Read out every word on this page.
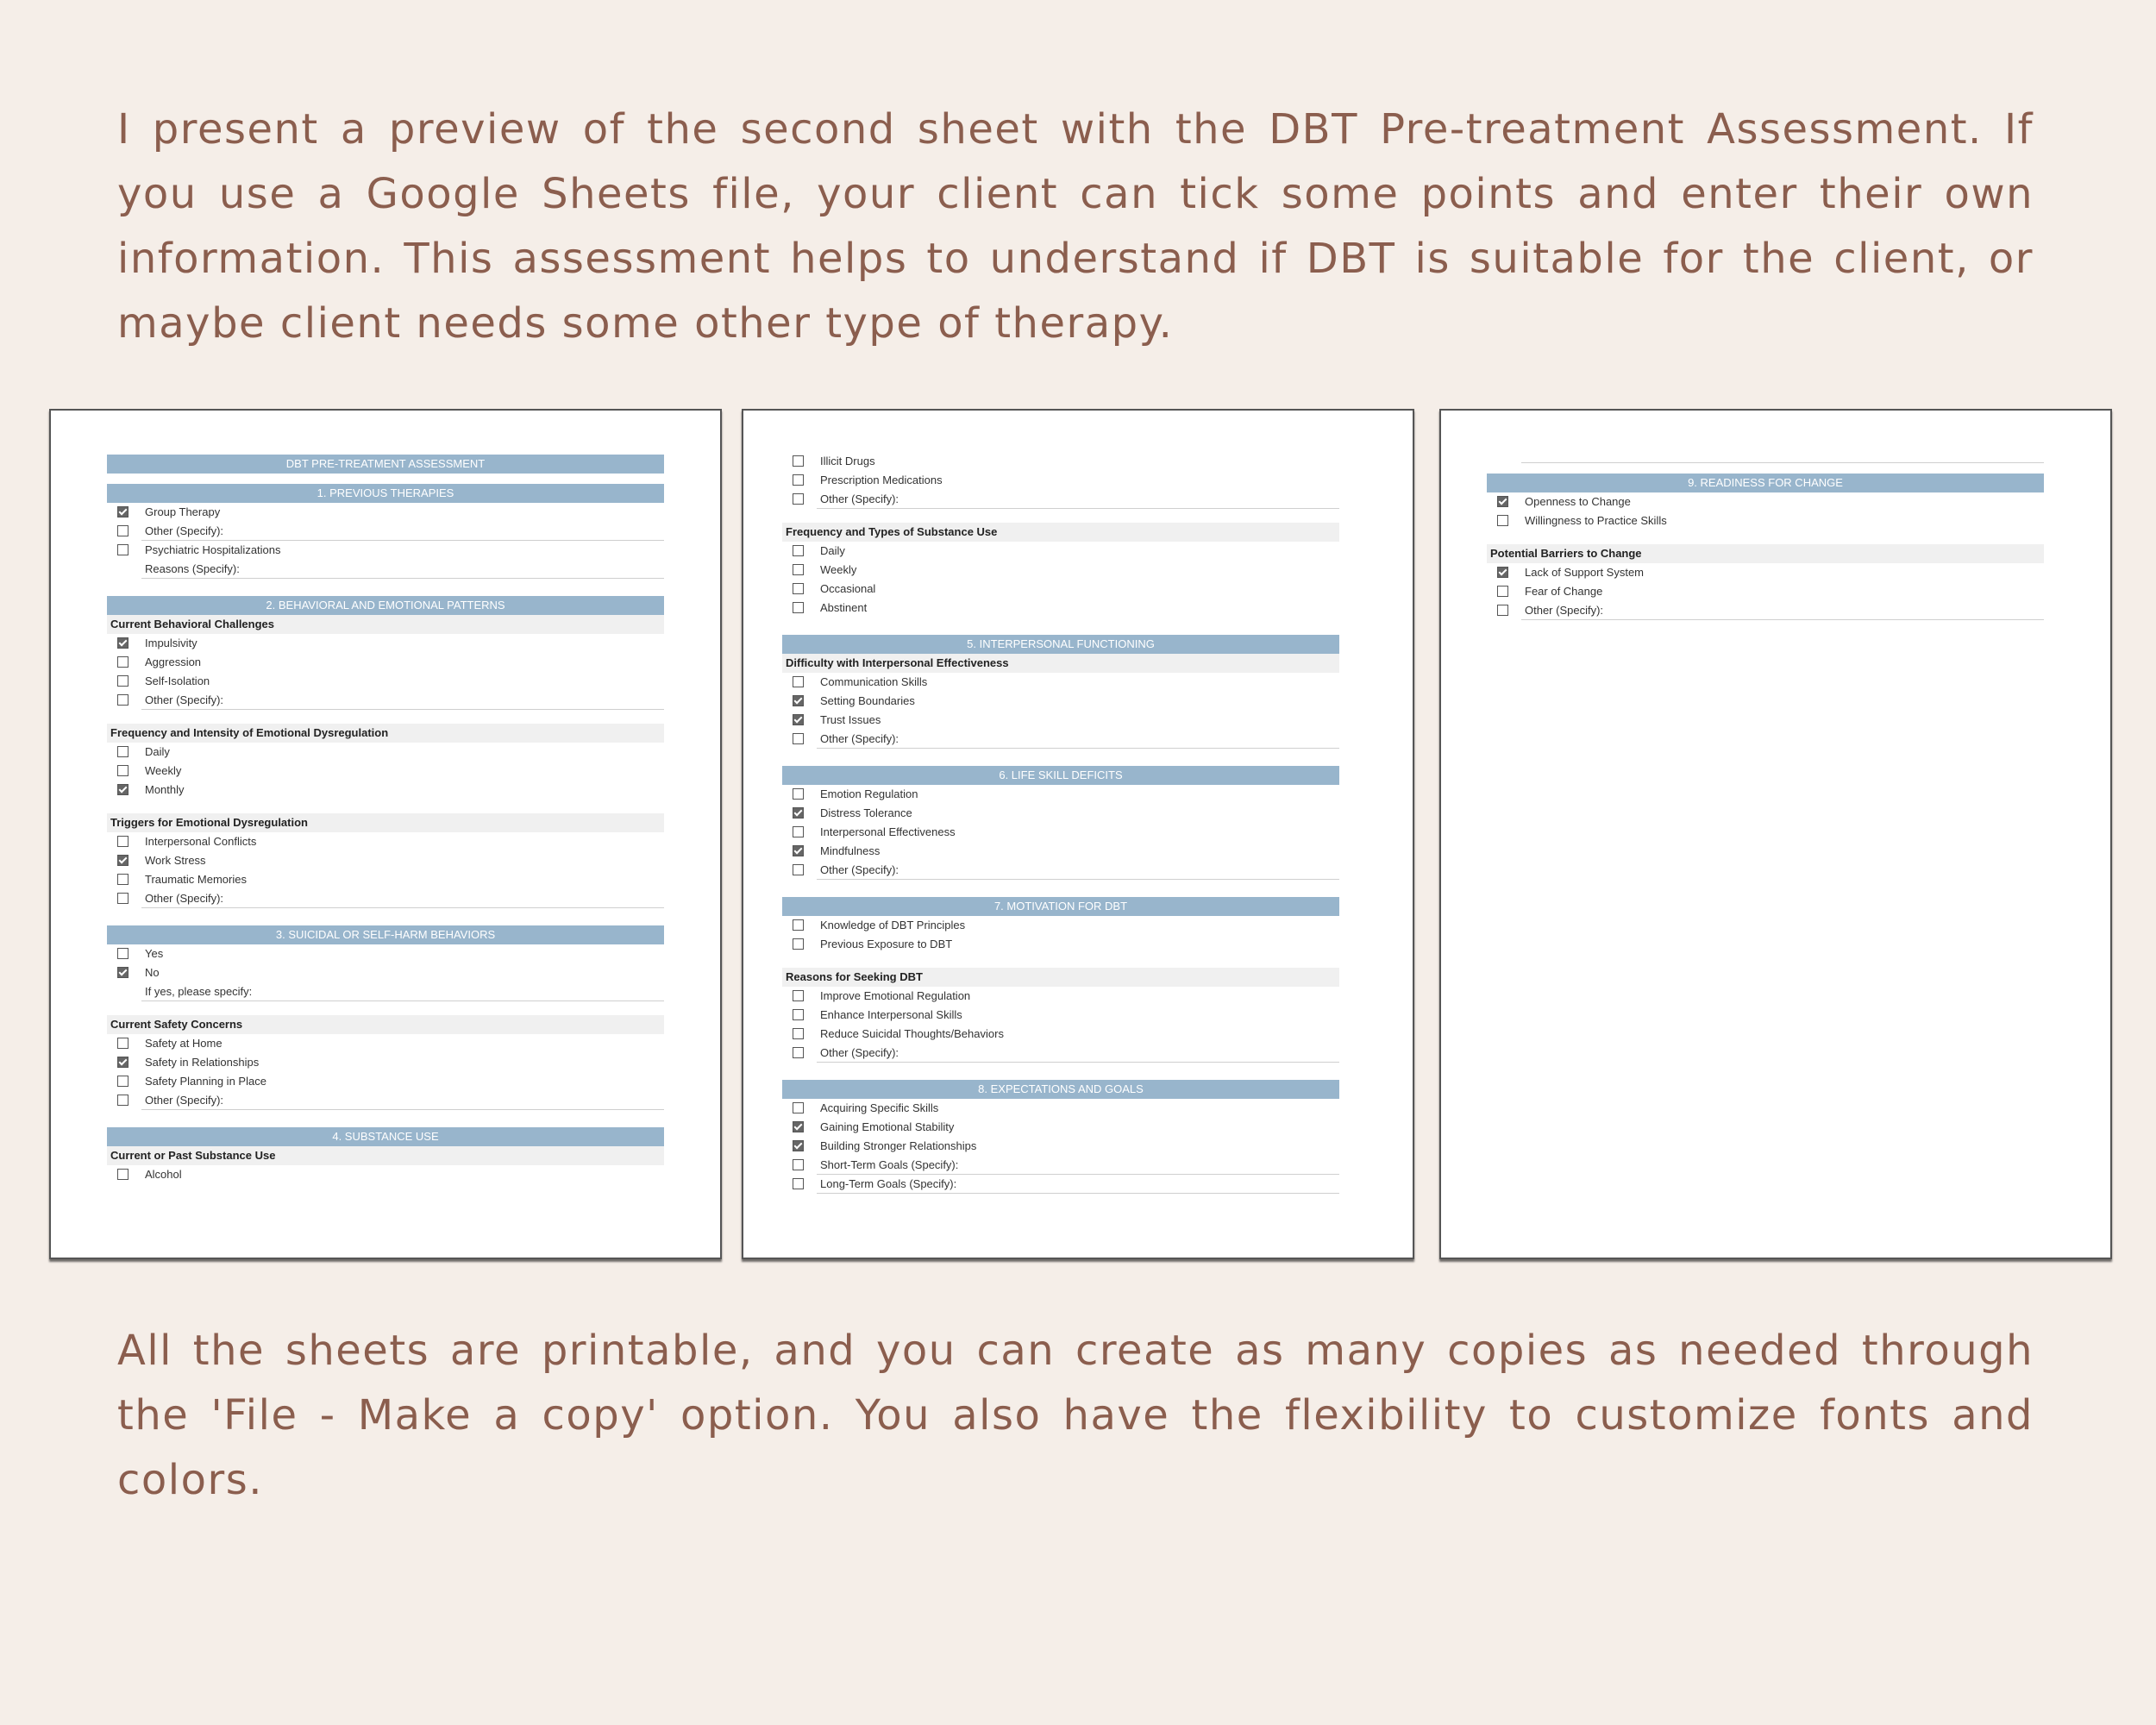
I present a preview of the second sheet with the DBT Pre-treatment Assessment. If you use a Google Sheets file, your client can tick some points and enter their own information. This assessment helps to understand if DBT is suitable for the client, or maybe client needs some other type of therapy.

DBT PRE-TREATMENT ASSESSMENT
1. PREVIOUS THERAPIES
Group Therapy
Other (Specify):
Psychiatric Hospitalizations
Reasons (Specify):
2. BEHAVIORAL AND EMOTIONAL PATTERNS
Current Behavioral Challenges
Impulsivity
Aggression
Self-Isolation
Other (Specify):
Frequency and Intensity of Emotional Dysregulation
Daily
Weekly
Monthly
Triggers for Emotional Dysregulation
Interpersonal Conflicts
Work Stress
Traumatic Memories
Other (Specify):
3. SUICIDAL OR SELF-HARM BEHAVIORS
Yes
No
If yes, please specify:
Current Safety Concerns
Safety at Home
Safety in Relationships
Safety Planning in Place
Other (Specify):
4. SUBSTANCE USE
Current or Past Substance Use
Alcohol
Illicit Drugs
Prescription Medications
Other (Specify):
Frequency and Types of Substance Use
Daily
Weekly
Occasional
Abstinent
5. INTERPERSONAL FUNCTIONING
Difficulty with Interpersonal Effectiveness
Communication Skills
Setting Boundaries
Trust Issues
Other (Specify):
6. LIFE SKILL DEFICITS
Emotion Regulation
Distress Tolerance
Interpersonal Effectiveness
Mindfulness
Other (Specify):
7. MOTIVATION FOR DBT
Knowledge of DBT Principles
Previous Exposure to DBT
Reasons for Seeking DBT
Improve Emotional Regulation
Enhance Interpersonal Skills
Reduce Suicidal Thoughts/Behaviors
Other (Specify):
8. EXPECTATIONS AND GOALS
Acquiring Specific Skills
Gaining Emotional Stability
Building Stronger Relationships
Short-Term Goals (Specify):
Long-Term Goals (Specify):
9. READINESS FOR CHANGE
Openness to Change
Willingness to Practice Skills
Potential Barriers to Change
Lack of Support System
Fear of Change
Other (Specify):

All the sheets are printable, and you can create as many copies as needed through the 'File - Make a copy' option. You also have the flexibility to customize fonts and colors.
